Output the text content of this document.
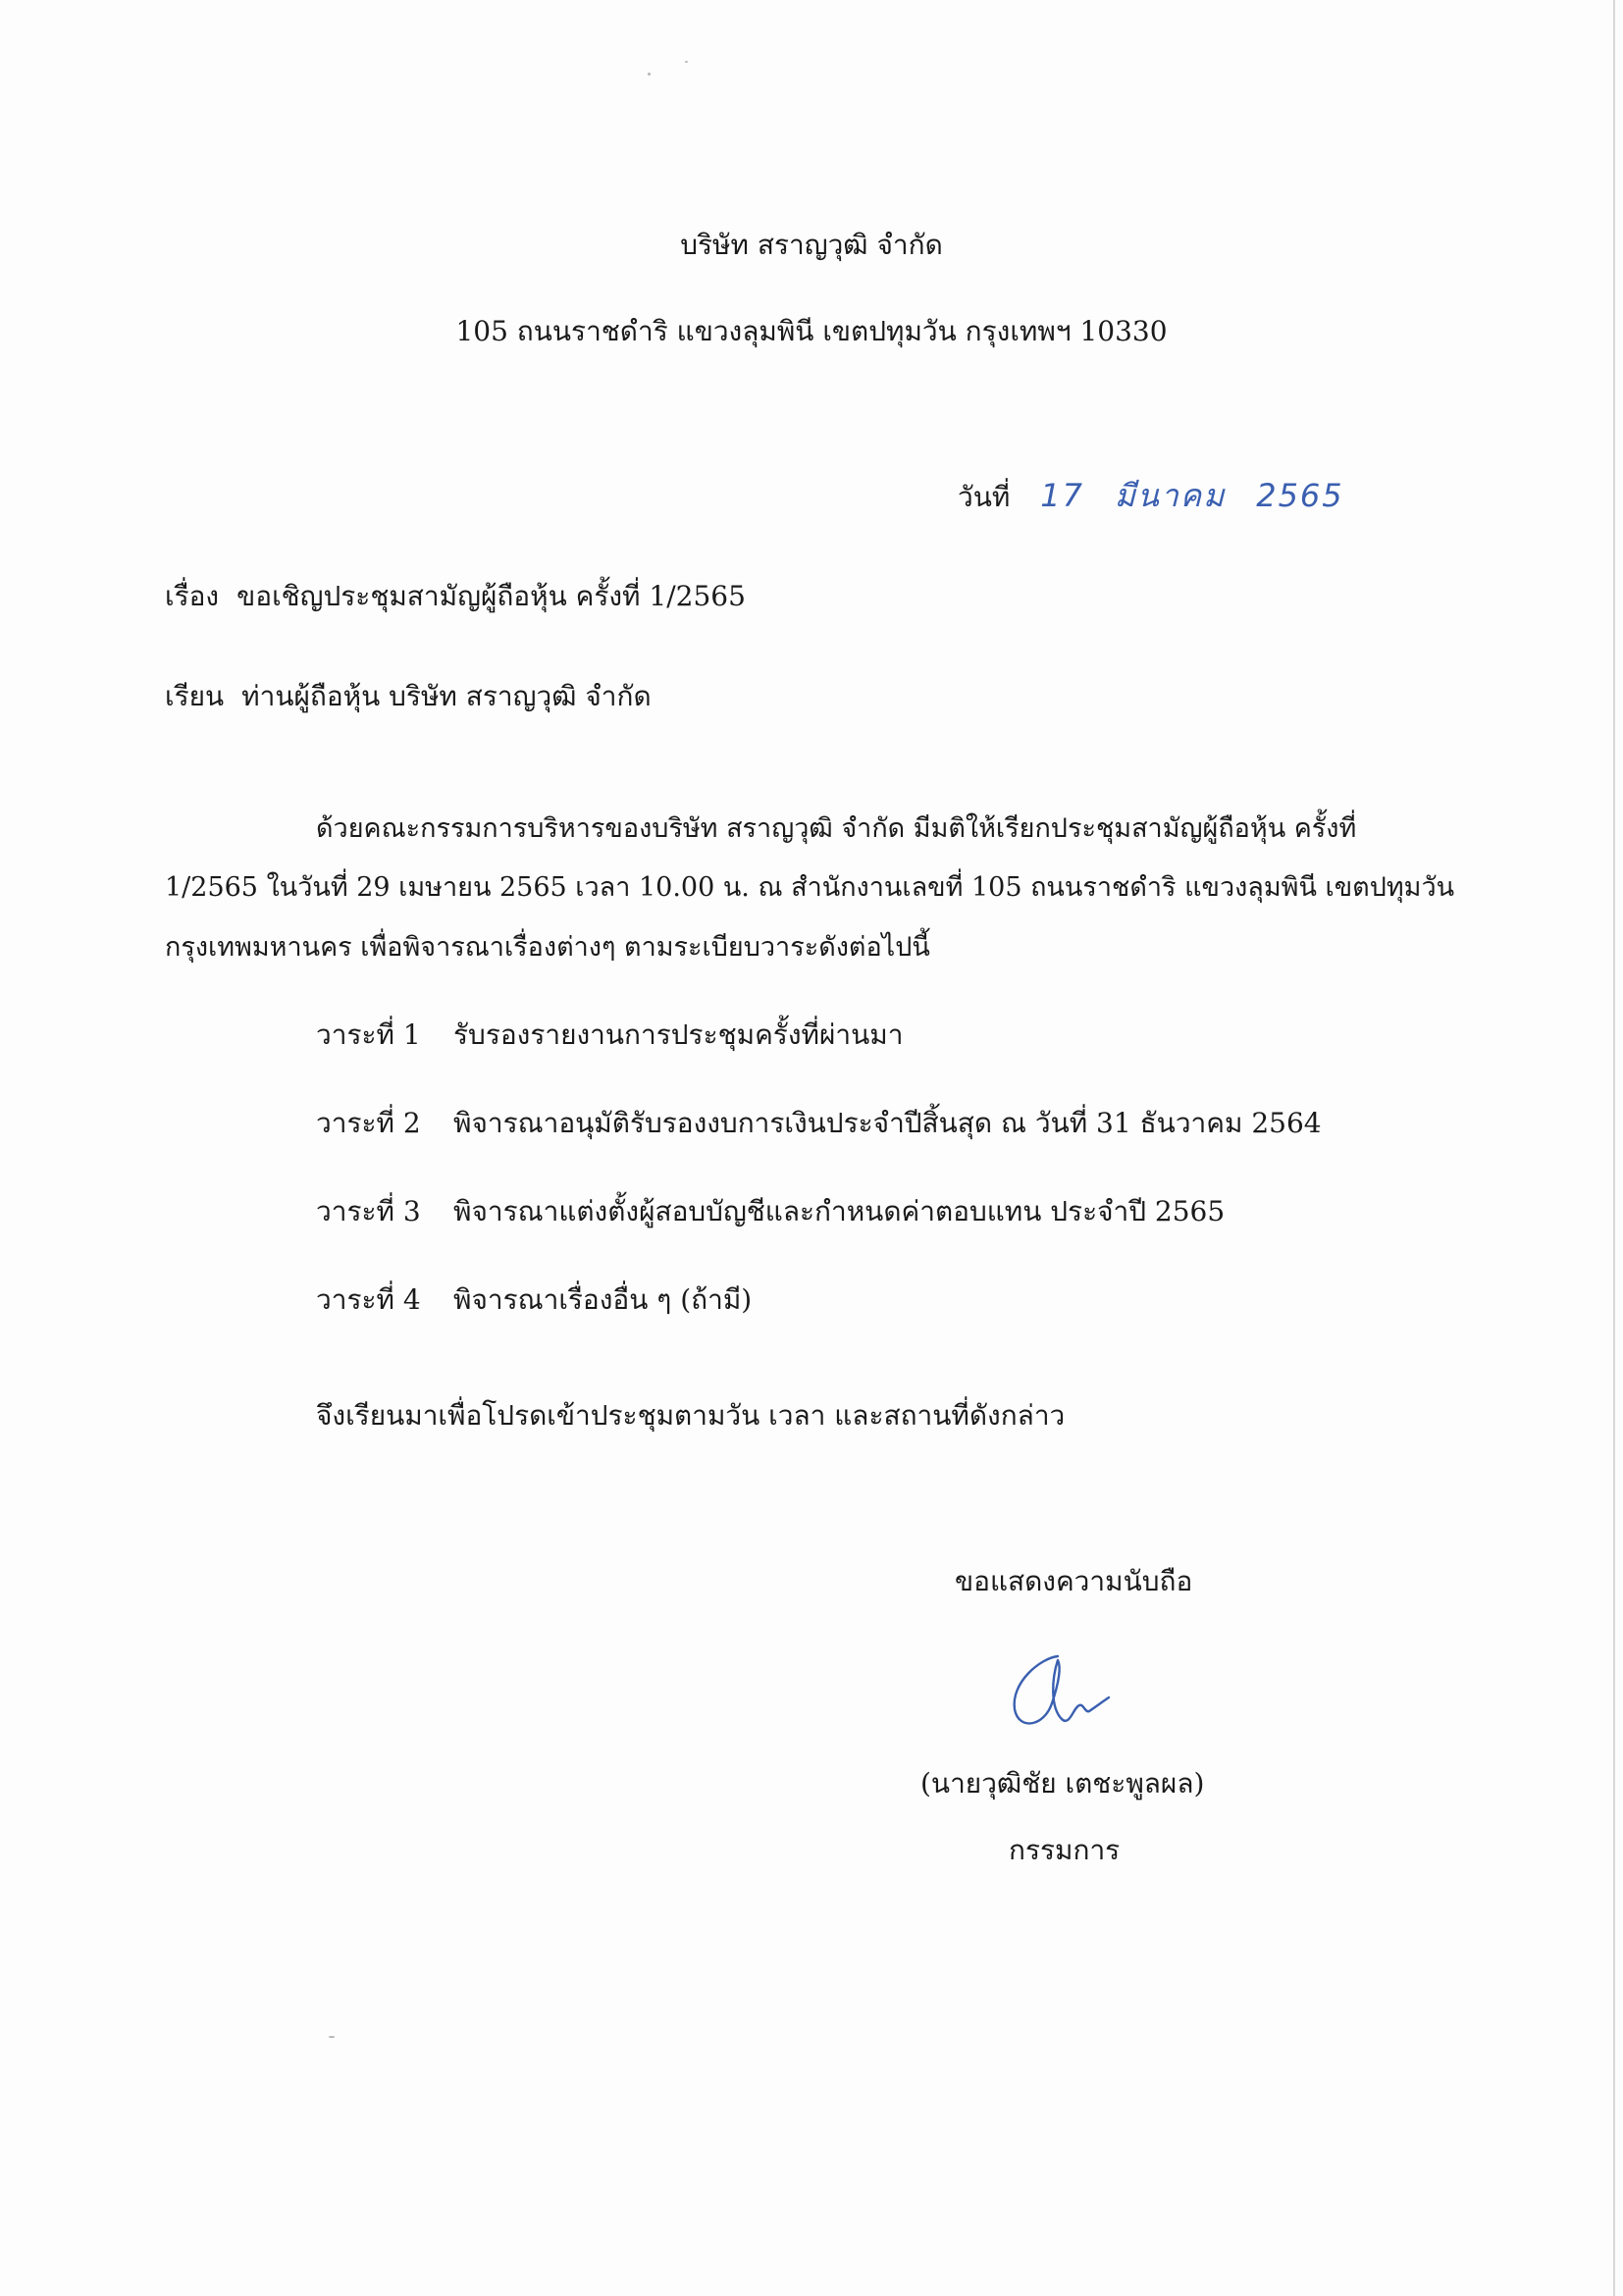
บริษัท สราญวุฒิ จำกัด
105 ถนนราชดำริ แขวงลุมพินี เขตปทุมวัน กรุงเทพฯ 10330
วันที่ 17 มีนาคม 2565
เรื่อง ขอเชิญประชุมสามัญผู้ถือหุ้น ครั้งที่ 1/2565
เรียน ท่านผู้ถือหุ้น บริษัท สราญวุฒิ จำกัด
ด้วยคณะกรรมการบริหารของบริษัท สราญวุฒิ จำกัด มีมติให้เรียกประชุมสามัญผู้ถือหุ้น ครั้งที่
1/2565 ในวันที่ 29 เมษายน 2565 เวลา 10.00 น. ณ สำนักงานเลขที่ 105 ถนนราชดำริ แขวงลุมพินี เขตปทุมวัน
กรุงเทพมหานคร เพื่อพิจารณาเรื่องต่างๆ ตามระเบียบวาระดังต่อไปนี้
วาระที่ 1 รับรองรายงานการประชุมครั้งที่ผ่านมา
วาระที่ 2 พิจารณาอนุมัติรับรองงบการเงินประจำปีสิ้นสุด ณ วันที่ 31 ธันวาคม 2564
วาระที่ 3 พิจารณาแต่งตั้งผู้สอบบัญชีและกำหนดค่าตอบแทน ประจำปี 2565
วาระที่ 4 พิจารณาเรื่องอื่น ๆ (ถ้ามี)
จึงเรียนมาเพื่อโปรดเข้าประชุมตามวัน เวลา และสถานที่ดังกล่าว
ขอแสดงความนับถือ
(นายวุฒิชัย เตชะพูลผล)
กรรมการ
